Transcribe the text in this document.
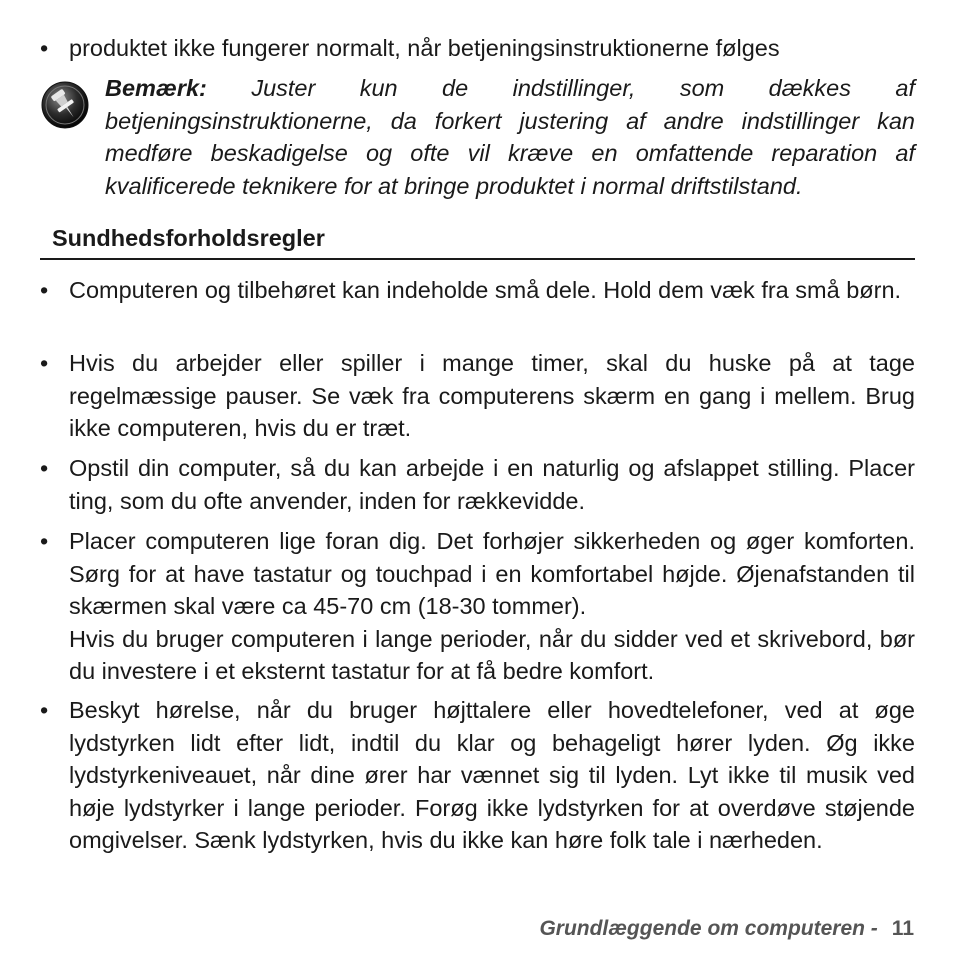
• produktet ikke fungerer normalt, når betjeningsinstruktionerne følges
Bemærk: Juster kun de indstillinger, som dækkes af betjeningsinstruktionerne, da forkert justering af andre indstillinger kan medføre beskadigelse og ofte vil kræve en omfattende reparation af kvalificerede teknikere for at bringe produktet i normal driftstilstand.
Sundhedsforholdsregler
• Computeren og tilbehøret kan indeholde små dele. Hold dem væk fra små børn.

• Hvis du arbejder eller spiller i mange timer, skal du huske på at tage regelmæssige pauser. Se væk fra computerens skærm en gang i mellem. Brug ikke computeren, hvis du er træt.

• Opstil din computer, så du kan arbejde i en naturlig og afslappet stilling. Placer ting, som du ofte anvender, inden for rækkevidde.

• Placer computeren lige foran dig. Det forhøjer sikkerheden og øger komforten. Sørg for at have tastatur og touchpad i en komfortabel højde. Øjenafstanden til skærmen skal være ca 45-70 cm (18-30 tommer).

Hvis du bruger computeren i lange perioder, når du sidder ved et skrivebord, bør du investere i et eksternt tastatur for at få bedre komfort.

• Beskyt hørelse, når du bruger højttalere eller hovedtelefoner, ved at øge lydstyrken lidt efter lidt, indtil du klar og behageligt hører lyden. Øg ikke lydstyrkeniveauet, når dine ører har vænnet sig til lyden. Lyt ikke til musik ved høje lydstyrker i lange perioder. Forøg ikke lydstyrken for at overdøve støjende omgivelser. Sænk lydstyrken, hvis du ikke kan høre folk tale i nærheden.

Grundlæggende om computeren - 11
